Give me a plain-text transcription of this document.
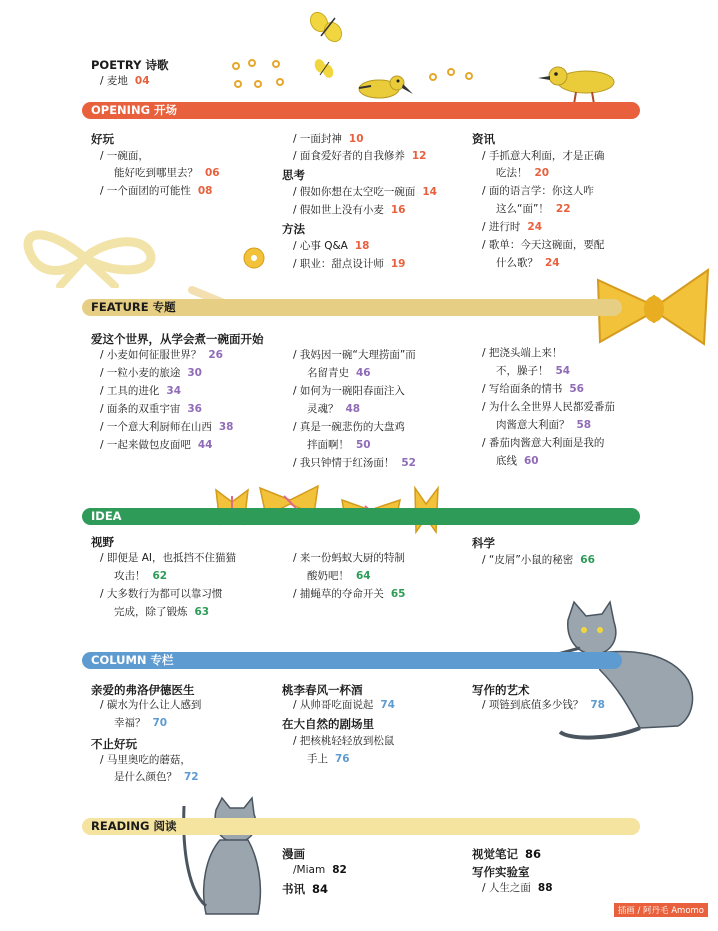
POETRY 诗歌
/ 麦地 04
OPENING 开场
好玩
/ 一碗面，
能好吃到哪里去？ 06
/ 一个面团的可能性 08
/ 一面封神 10
/ 面食爱好者的自我修养 12
思考
/ 假如你想在太空吃一碗面 14
/ 假如世上没有小麦 16
方法
/ 心事 Q&A 18
/ 职业：甜点设计师 19
资讯
/ 手抓意大利面，才是正确
吃法！ 20
/ 面的语言学：你这人咋
这么“面”！ 22
/ 进行时 24
/ 歌单：今天这碗面，要配
什么歌？ 24
FEATURE 专题
爱这个世界，从学会煮一碗面开始
/ 小麦如何征服世界？ 26
/ 一粒小麦的旅途 30
/ 工具的进化 34
/ 面条的双重宇宙 36
/ 一个意大利厨师在山西 38
/ 一起来做包皮面吧 44
/ 我妈因一碗“大理捞面”而
名留青史 46
/ 如何为一碗阳春面注入
灵魂？ 48
/ 真是一碗悲伤的大盘鸡
拌面啊！ 50
/ 我只钟情于红汤面！ 52
/ 把浇头端上来！
不，臊子！ 54
/ 写给面条的情书 56
/ 为什么全世界人民都爱番茄
肉酱意大利面？ 58
/ 番茄肉酱意大利面是我的
底线 60
IDEA
视野
/ 即便是 AI，也抵挡不住猫猫
攻击！ 62
/ 大多数行为都可以靠习惯
完成，除了锻炼 63
/ 来一份蚂蚁大厨的特制
酸奶吧！ 64
/ 捕蝇草的夺命开关 65
科学
/ “皮屑”小鼠的秘密 66
COLUMN 专栏
亲爱的弗洛伊德医生
/ 碳水为什么让人感到
幸福？ 70
不止好玩
/ 马里奥吃的蘑菇，
是什么颜色？ 72
桃李春风一杯酒
/ 从帅哥吃面说起 74
在大自然的剧场里
/ 把核桃轻轻放到松鼠
手上 76
写作的艺术
/ 项链到底值多少钱？ 78
READING 阅读
漫画
/Miam 82
书讯 84
视觉笔记 86
写作实验室
/ 人生之面 88
插画 / 阿丹毛 Amomo
